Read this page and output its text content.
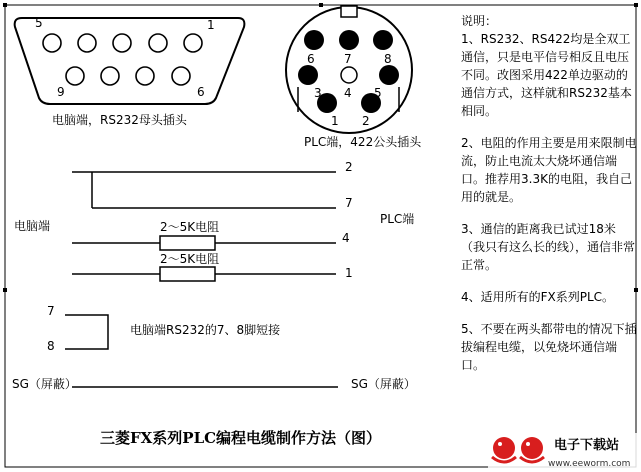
5	1
9	6
电脑端，RS232母头插头
6 7	8
3 4 5
1 2
PLC端，422公头插头
电脑端	PLC端
2
7
4
1
2～5K电阻
2～5K电阻
7
8
电脑端RS232的7、8脚短接
SG（屏蔽）	SG（屏蔽）

说明：

1、RS232、RS422均是全双工通信，只是电平信号相反且电压不同。改图采用422单边驱动的通信方式，这样就和RS232基本相同。

2、电阻的作用主要是用来限制电流，防止电流太大烧坏通信端口。推荐用3.3K的电阻，我自己用的就是。

3、通信的距离我已试过18米（我只有这么长的线），通信非常正常。

4、适用所有的FX系列PLC。

5、不要在两头都带电的情况下插拔编程电缆，以免烧坏通信端口。

三菱FX系列PLC编程电缆制作方法（图）	电子下载站
www.eeworm.com
